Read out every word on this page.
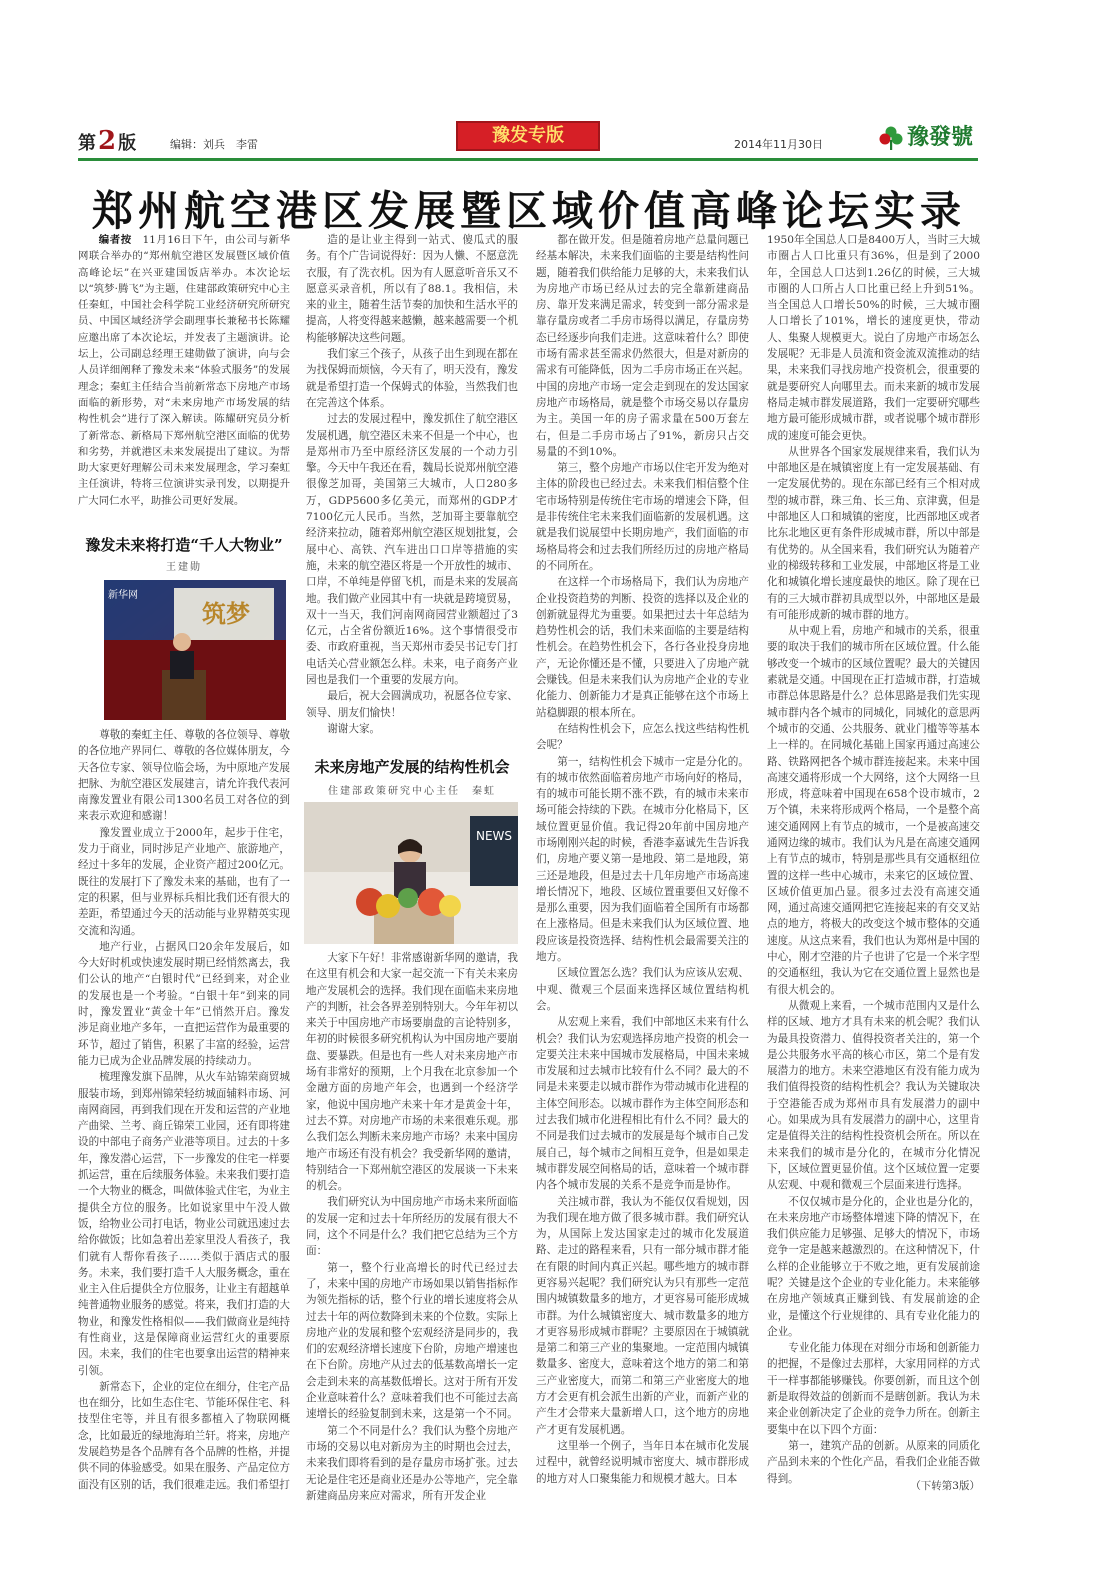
第2 版	编辑：刘兵　李雷	豫发专版	2014年11月30日	豫發號
郑州航空港区发展暨区域价值高峰论坛实录

编者按　 11月16日下午，由公司与新华网联合举办的“郑州航空港区发展暨区域价值高峰论坛”在兴亚建国饭店举办。本次论坛以“筑梦·腾飞”为主题，住建部政策研究中心主任秦虹，中国社会科学院工业经济研究所研究员、中国区域经济学会副理事长兼秘书长陈耀应邀出席了本次论坛，并发表了主题演讲。论坛上，公司副总经理王建勋做了演讲，向与会人员详细阐释了豫发未来“体验式服务”的发展理念；秦虹主任结合当前新常态下房地产市场面临的新形势，对“未来房地产市场发展的结构性机会”进行了深入解读。陈耀研究员分析了新常态、新格局下郑州航空港区面临的优势和劣势，并就港区未来发展提出了建议。为帮助大家更好理解公司未来发展理念，学习秦虹主任演讲，特将三位演讲实录刊发，以期提升广大同仁水平，助推公司更好发展。

豫发未来将打造“千人大物业”
王建勋
新华网
筑梦

尊敬的秦虹主任、尊敬的各位领导、尊敬的各位地产界同仁、尊敬的各位媒体朋友，今天各位专家、领导位临会场，为中原地产发展把脉、为航空港区发展建言，请允许我代表河南豫发置业有限公司1300名员工对各位的到来表示欢迎和感谢！

豫发置业成立于2000年，起步于住宅，发力于商业，同时涉足产业地产、旅游地产，经过十多年的发展，企业资产超过200亿元。既往的发展打下了豫发未来的基础，也有了一定的积累，但与业界标兵相比我们还有很大的差距，希望通过今天的活动能与业界精英实现交流和沟通。

地产行业，占据风口20余年发展后，如今大好时机或快速发展时期已经悄然离去，我们公认的地产“白银时代”已经到来，对企业的发展也是一个考验。“白银十年”到来的同时，豫发置业“黄金十年”已悄然开启。豫发涉足商业地产多年，一直把运营作为最重要的环节，超过了销售，积累了丰富的经验，运营能力已成为企业品牌发展的持续动力。

梳理豫发旗下品牌，从火车站锦荣商贸城服装市场，到郑州锦荣轻纺城面辅料市场、河南网商园，再到我们现在开发和运营的产业地产曲梁、兰考、商丘锦荣工业园，还有即将建设的中部电子商务产业港等项目。过去的十多年，豫发潜心运营，下一步豫发的住宅一样要抓运营，重在后续服务体验。未来我们要打造一个大物业的概念，叫做体验式住宅，为业主提供全方位的服务。比如说家里中午没人做饭，给物业公司打电话，物业公司就迅速过去给你做饭；比如急着出差家里没人看孩子，我们就有人帮你看孩子……类似于酒店式的服务。未来，我们要打造千人大服务概念，重在业主入住后提供全方位服务，让业主有超越单纯普通物业服务的感觉。将来，我们打造的大物业，和豫发性格相似——我们做商业是纯持有性商业，这是保障商业运营红火的重要原因。未来，我们的住宅也要拿出运营的精神来引领。

新常态下，企业的定位在细分，住宅产品也在细分，比如生态住宅、节能环保住宅、科技型住宅等，并且有很多都植入了物联网概念，比如最近的绿地海珀兰轩。将来，房地产发展趋势是各个品牌有各个品牌的性格，并提供不同的体验感受。如果在服务、产品定位方面没有区别的话，我们很难走远。我们希望打

造的是让业主得到一站式、傻瓜式的服务。有个广告词说得好：因为人懒、不愿意洗衣服，有了洗衣机。因为有人愿意听音乐又不愿意买录音机，所以有了88.1。我相信，未来的业主，随着生活节奏的加快和生活水平的提高，人将变得越来越懒，越来越需要一个机构能够解决这些问题。

我们家三个孩子，从孩子出生到现在都在为找保姆而烦恼，今天有了，明天没有，豫发就是希望打造一个保姆式的体验，当然我们也在完善这个体系。

过去的发展过程中，豫发抓住了航空港区发展机遇，航空港区未来不但是一个中心，也是郑州市乃至中原经济区发展的一个动力引擎。今天中午我还在看，魏局长说郑州航空港很像芝加哥，美国第三大城市，人口280多万，GDP5600多亿美元，而郑州的GDP才7100亿元人民币。当然，芝加哥主要靠航空经济来拉动，随着郑州航空港区规划批复，会展中心、高铁、汽车进出口口岸等措施的实施，未来的航空港区将是一个开放性的城市、口岸，不单纯是停留飞机，而是未来的发展高地。我们做产业园其中有一块就是跨境贸易，双十一当天，我们河南网商园营业额超过了3亿元，占全省份额近16%。这个事情很受市委、市政府重视，当天郑州市委吴书记专门打电话关心营业额怎么样。未来，电子商务产业园也是我们一个重要的发展方向。

最后，祝大会圆满成功，祝愿各位专家、领导、朋友们愉快！

谢谢大家。

未来房地产发展的结构性机会
住建部政策研究中心主任　秦虹
NEWS

大家下午好！非常感谢新华网的邀请，我在这里有机会和大家一起交流一下有关未来房地产发展机会的选择。我们现在面临未来房地产的判断，社会各界差别特别大。今年年初以来关于中国房地产市场要崩盘的言论特别多，年初的时候很多研究机构认为中国房地产要崩盘、要暴跌。但是也有一些人对未来房地产市场有非常好的预期，上个月我在北京参加一个金融方面的房地产年会，也遇到一个经济学家，他说中国房地产未来十年才是黄金十年，过去不算。对房地产市场的未来很难乐观。那么我们怎么判断未来房地产市场？未来中国房地产市场还有没有机会？我受新华网的邀请，特别结合一下郑州航空港区的发展谈一下未来的机会。

我们研究认为中国房地产市场未来所面临的发展一定和过去十年所经历的发展有很大不同，这个不同是什么？我们把它总结为三个方面：

第一，整个行业高增长的时代已经过去了，未来中国的房地产市场如果以销售指标作为领先指标的话，整个行业的增长速度将会从过去十年的两位数降到未来的个位数。实际上房地产业的发展和整个宏观经济是同步的，我们的宏观经济增长速度下台阶，房地产增速也在下台阶。房地产从过去的低基数高增长一定会走到未来的高基数低增长。这对于所有开发企业意味着什么？意味着我们也不可能过去高速增长的经验复制到未来，这是第一个不同。

第二个不同是什么？我们认为整个房地产市场的交易以电对新房为主的时期也会过去，未来我们即将看到的是存量房市场扩张。过去无论是住宅还是商业还是办公等地产，完全靠新建商品房来应对需求，所有开发企业

都在做开发。但是随着房地产总量问题已经基本解决，未来我们面临的主要是结构性问题，随着我们供给能力足够的大，未来我们认为房地产市场已经从过去的完全靠新建商品房、靠开发来满足需求，转变到一部分需求是靠存量房或者二手房市场得以满足，存量房势态已经逐步向我们走进。这意味着什么？即使市场有需求甚至需求仍然很大，但是对新房的需求有可能降低，因为二手房市场正在兴起。中国的房地产市场一定会走到现在的发达国家房地产市场格局，就是整个市场交易以存量房为主。美国一年的房子需求量在500万套左右，但是二手房市场占了91%，新房只占交易量的不到10%。

第三，整个房地产市场以住宅开发为绝对主体的阶段也已经过去。未来我们相信整个住宅市场特别是传统住宅市场的增速会下降，但是非传统住宅未来我们面临新的发展机遇。这就是我们说展望中长期房地产，我们面临的市场格局将会和过去我们所经历过的房地产格局的不同所在。

在这样一个市场格局下，我们认为房地产企业投资趋势的判断、投资的选择以及企业的创新就显得尤为重要。如果把过去十年总结为趋势性机会的话，我们未来面临的主要是结构性机会。在趋势性机会下，各行各业投身房地产，无论你懂还是不懂，只要进入了房地产就会赚钱。但是未来我们认为房地产企业的专业化能力、创新能力才是真正能够在这个市场上站稳脚跟的根本所在。

在结构性机会下，应怎么找这些结构性机会呢？

第一，结构性机会下城市一定是分化的。有的城市依然面临着房地产市场向好的格局，有的城市可能长期不涨不跌，有的城市未来市场可能会持续的下跌。在城市分化格局下，区域位置更显价值。我记得20年前中国房地产市场刚刚兴起的时候，香港李嘉诚先生告诉我们，房地产要义第一是地段、第二是地段，第三还是地段，但是过去十几年房地产市场高速增长情况下，地段、区域位置重要但又好像不是那么重要，因为我们面临着全国所有市场都在上涨格局。但是未来我们认为区域位置、地段应该是投资选择、结构性机会最需要关注的地方。

区域位置怎么选？我们认为应该从宏观、中观、微观三个层面来选择区域位置结构机会。

从宏观上来看，我们中部地区未来有什么机会？我们认为宏观选择房地产投资的机会一定要关注未来中国城市发展格局，中国未来城市发展和过去城市比较有什么不同？最大的不同是未来要走以城市群作为带动城市化进程的主体空间形态。以城市群作为主体空间形态和过去我们城市化进程相比有什么不同？最大的不同是我们过去城市的发展是每个城市自己发展自己，每个城市之间相互竞争，但是如果走城市群发展空间格局的话，意味着一个城市群内各个城市发展的关系不是竞争而是协作。

关注城市群，我认为不能仅仅看规划，因为我们现在地方做了很多城市群。我们研究认为，从国际上发达国家走过的城市化发展道路、走过的路程来看，只有一部分城市群才能在有限的时间内真正兴起。哪些地方的城市群更容易兴起呢？我们研究认为只有那些一定范围内城镇数量多的地方，才更容易可能形成城市群。为什么城镇密度大、城市数量多的地方才更容易形成城市群呢？主要原因在于城镇就是第二和第三产业的集聚地。一定范围内城镇数量多、密度大，意味着这个地方的第二和第三产业密度大，而第二和第三产业密度大的地方才会更有机会派生出新的产业，而新产业的产生才会带来大量新增人口，这个地方的房地产才更有发展机遇。

这里举一个例子，当年日本在城市化发展过程中，就曾经说明城市密度大、城市群形成的地方对人口聚集能力和规模才越大。日本

1950年全国总人口是8400万人，当时三大城市圈占人口比重只有36%，但是到了2000年，全国总人口达到1.26亿的时候，三大城市圈的人口所占人口比重已经上升到51%。当全国总人口增长50%的时候，三大城市圈人口增长了101%，增长的速度更快，带动人、集聚人规模更大。说白了房地产市场怎么发展呢？无非是人员流和资金流双流推动的结果，未来我们寻找房地产投资机会，很重要的就是要研究人向哪里去。而未来新的城市发展格局走城市群发展道路，我们一定要研究哪些地方最可能形成城市群，或者说哪个城市群形成的速度可能会更快。

从世界各个国家发展规律来看，我们认为中部地区是在城镇密度上有一定发展基础、有一定发展优势的。现在东部已经有三个相对成型的城市群，珠三角、长三角、京津冀，但是中部地区人口和城镇的密度，比西部地区或者比东北地区更有条件形成城市群，所以中部是有优势的。从全国来看，我们研究认为随着产业的梯级转移和工业发展，中部地区将是工业化和城镇化增长速度最快的地区。除了现在已有的三大城市群初具成型以外，中部地区是最有可能形成新的城市群的地方。

从中观上看，房地产和城市的关系，很重要的取决于我们的城市所在区域位置。什么能够改变一个城市的区域位置呢？最大的关键因素就是交通。中国现在正打造城市群，打造城市群总体思路是什么？总体思路是我们先实现城市群内各个城市的同城化，同城化的意思两个城市的交通、公共服务、就业门槛等等基本上一样的。在同城化基础上国家再通过高速公路、铁路网把各个城市群连接起来。未来中国高速交通将形成一个大网络，这个大网络一旦形成，将意味着中国现在658个设市城市，2万个镇，未来将形成两个格局，一个是整个高速交通网网上有节点的城市，一个是被高速交通网边缘的城市。我们认为凡是在高速交通网上有节点的城市，特别是那些具有交通枢纽位置的这样一些中心城市，未来它的区域位置、区域价值更加凸显。很多过去没有高速交通网，通过高速交通网把它连接起来的有交叉站点的地方，将极大的改变这个城市整体的交通速度。从这点来看，我们也认为郑州是中国的中心，刚才空港的片子也讲了它是一个米字型的交通枢纽，我认为它在交通位置上显然也是有很大机会的。

从微观上来看，一个城市范围内又是什么样的区域、地方才具有未来的机会呢？我们认为最具投资潜力、值得投资者关注的，第一个是公共服务水平高的核心市区，第二个是有发展潜力的地方。未来空港地区有没有能力成为我们值得投资的结构性机会？我认为关键取决于空港能否成为郑州市具有发展潜力的副中心。如果成为具有发展潜力的副中心，这里肯定是值得关注的结构性投资机会所在。所以在未来我们的城市是分化的，在城市分化情况下，区域位置更显价值。这个区域位置一定要从宏观、中观和微观三个层面来进行选择。

不仅仅城市是分化的，企业也是分化的，在未来房地产市场整体增速下降的情况下，在我们供应能力足够强、足够大的情况下，市场竞争一定是越来越激烈的。在这种情况下，什么样的企业能够立于不败之地，更有发展前途呢？关键是这个企业的专业化能力。未来能够在房地产领域真正赚到钱、有发展前途的企业，是懂这个行业规律的、具有专业化能力的企业。

专业化能力体现在对细分市场和创新能力的把握，不是像过去那样，大家用同样的方式干一样事都能够赚钱。你要创新，而且这个创新是取得效益的创新而不是瞎创新。我认为未来企业创新决定了企业的竞争力所在。创新主要集中在以下四个方面：

第一，建筑产品的创新。从原来的同质化产品到未来的个性化产品，看我们企业能否做得到。

（下转第3版）
